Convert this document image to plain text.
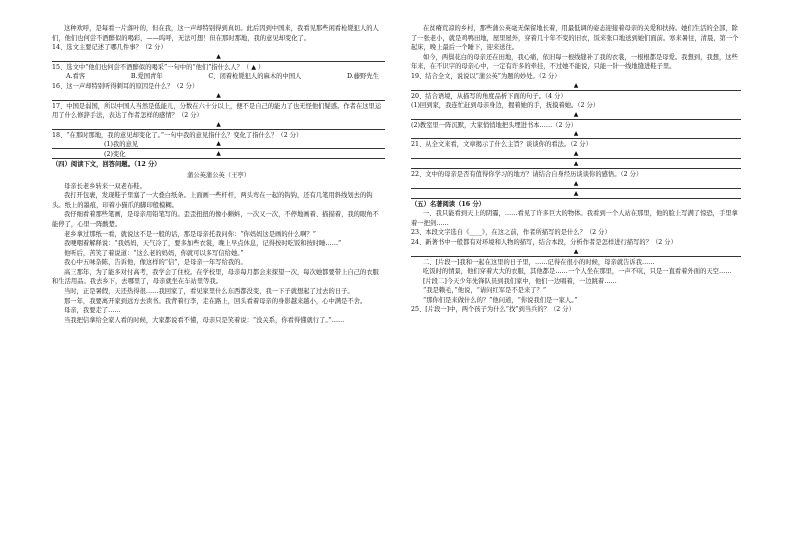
这种欢呼，是每看一片落叶的，但在我，这一声却特别得到真切。此后因到中国来，我看见那些闲看枪毙犯人的人们，他们也何尝不酒醉似的喝彩，——呜呼，无法可想！但在那时那地，我的意见却变化了。

14、选文主要记述了哪几件事？（2 分）

▲

15、选文中“他们也何尝不酒醉似的喝采”一句中的“他们”指什么人？（ ▲ ）

A.看客	B.爱国青年	C、闭着枪毙犯人的麻木的中国人	D.藤野先生

16、这一声却特别听得刺耳的原因是什么？（2 分）

▲

17、中国是弱国，所以中国人当然是低能儿，分数在六十分以上，便不是自己的能力了也无怪他们疑惑。作者在这里运用了什么修辞手法，表达了作者怎样的感情？（2 分）

▲

18、“在那时那地，我的意见却变化了。”一句中我的意见指什么？变化了指什么？（2 分）

(1)我的意见	▲
(2)变化	▲

（四）阅读下文，回答问题。（12 分）

蒲公英蒲公英（王亭）

母亲长老乡转来一双老布鞋。

我打开包裹，发现鞋子里塞了一大叠白纸条。上面画一些杆杆，两头弯在一起的钩钩，还有几笔用斜线划去的钩头。纸上的墨痕，印着小猫爪的脚印般模糊。

我仔细看着那些笔画，是母亲用铅笔写的。歪歪扭扭的像小蝌蚪，一次又一次，不停地画着、描描着，我的眼角不能停了，心里一阵酸楚。

老乡拿过那纸一看，就说这不是一般的话，那是母亲托我问你：“你妈妈这是画的什么啊？”

我哽咽着解释说：“我妈妈，天气冷了，要多加些衣裳，晚上早点休息，记得按时吃饭和按时睡……”

他听后，苦笑了着说道：“这么老的妈妈，你就可以多写信给她。”

我心中五味杂陈，告诉他，像这样的“信”，是母亲一年写给我的。

高三那年，为了能多对付高考，我学会了住校。在学校里，母亲每月都会来探望一次，每次她都要带上自己的衣服和生活用品。我去乡下，去哪里了，母亲就坐在车站里等我。

当时，正是暑假，天还热得很……我回家了，看见家里什么东西都没变，我一下子就想起了过去的日子。

那一年，我要离开家到远方去读书。我背着行李，走在路上，回头看着母亲的身影越来越小，心中满是不舍。

母亲，我要走了……

当我把信拿给全家人看的时候，大家都说看不懂，母亲只是笑着说：“没关系，你看得懂就行了。”……

在贫瘠荒凉的乡村，那些蒲公英毫无保留地长着，用最低调的姿态迎接着母亲的关爱和扶持。她们生活的全部，除了一张老小，就是鸡鸭田地，屋里屋外，穿着几十年不变的旧衣，饭来张口地送到她们面前。寒来暑往，清晨，第一个起床，晚上最后一个睡下，迎来送往。

如今，两鬓花白的母亲还在田地，我心痛，依旧每一根线缝补了我的衣裳，一根根都是母爱。我想到，我想，这些年来，在不识字的母亲心中，一定有许多的牵挂，不过她不能说，只能一针一线地缝进鞋子里。

19、结合全文，说说以“蒲公英”为题的妙处。（2 分）

▲

20、结合语境，从描写的角度品析下面的句子。（4 分）

(1)回到家，我连忙赶到母亲身边，握着她的手，抚摸着她。（2 分）

▲

(2)教室里一阵沉默，大家悄悄地把头埋进书本……（2 分）

▲

21、从全文来看，文章揭示了什么主旨？谈谈你的看法。（2 分）

▲
▲

22、文中的母亲是否有值得你学习的地方？请结合自身经历谈谈你的感悟。（2 分）

▲
▲

（五）名著阅读（16 分）

一、我只能看到天上的阴霾，……看见了许多巨大的物体。我看到一个人站在那里，他的脸上写满了惊恐，手里拿着一把剑……

23、本段文字选自《____》，在这之前，作者所描写的是什么？（2 分）

24、新著书中一般都有对环境和人物的描写，结合本段，分析作者是怎样进行描写的？（2 分）

▲

二、[片段一]我和一起在这里的日子里，……记得在很小的时候，母亲就告诉我……

吃饭时的情景，他们穿着大大的衣服，其他都是……一个人坐在那里，一声不吭，只是一直看着外面的天空……

[片段二]今天少年先锋队员到我们家中，他们一边唱着，一边跳着……

“我是赖毛，”他说，“请问红军是不是来了？”

“那你们是来做什么的？”他问道，“你说我们是一家人。”

25、[片段一]中，两个孩子为什么“找”到当兵的？（2 分）
